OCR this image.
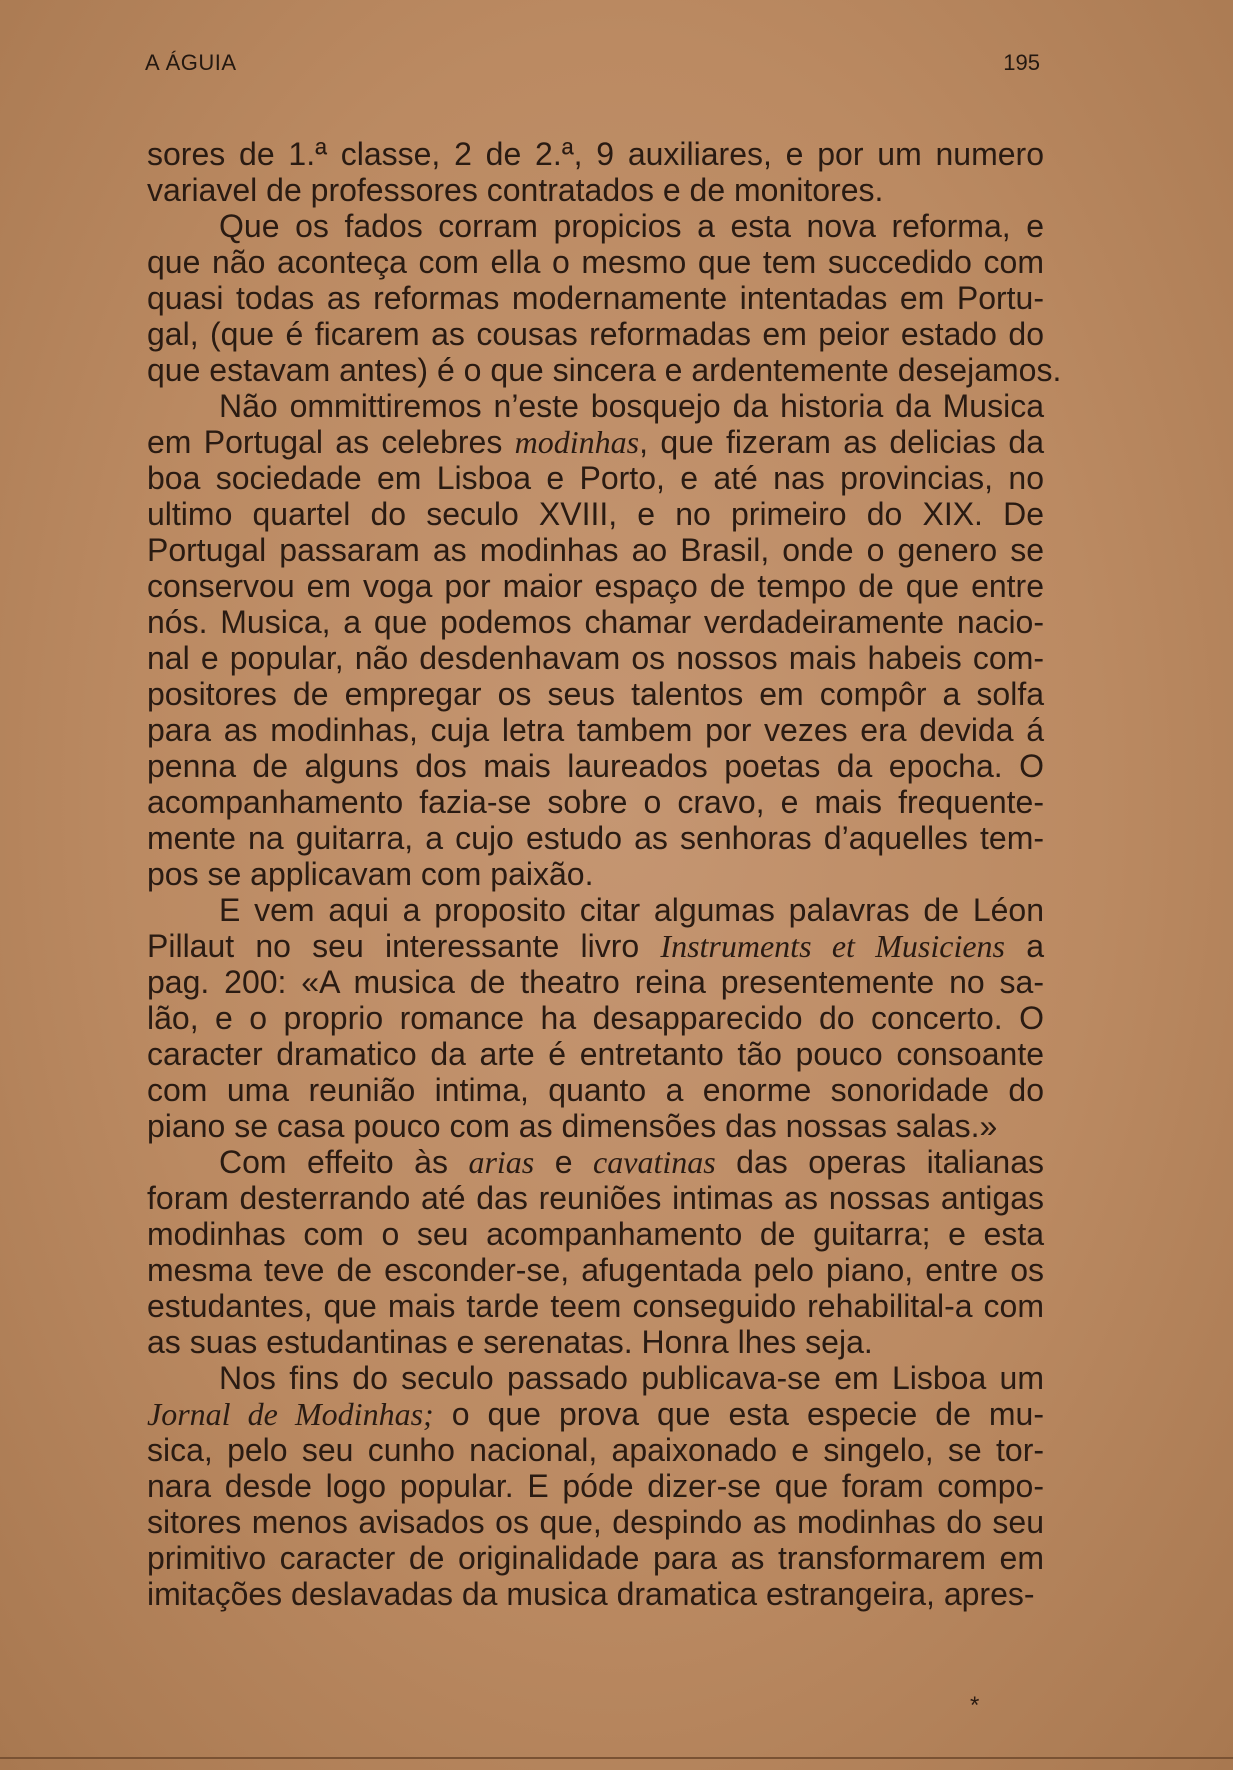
A ÁGUIA	195
sores de 1.ª classe, 2 de 2.ª, 9 auxiliares, e por um numero
variavel de professores contratados e de monitores.
Que os fados corram propicios a esta nova reforma, e
que não aconteça com ella o mesmo que tem succedido com
quasi todas as reformas modernamente intentadas em Portu-
gal, (que é ficarem as cousas reformadas em peior estado do
que estavam antes) é o que sincera e ardentemente desejamos.
Não ommittiremos n’este bosquejo da historia da Musica
em Portugal as celebres modinhas, que fizeram as delicias da
boa sociedade em Lisboa e Porto, e até nas provincias, no
ultimo quartel do seculo XVIII, e no primeiro do XIX. De
Portugal passaram as modinhas ao Brasil, onde o genero se
conservou em voga por maior espaço de tempo de que entre
nós. Musica, a que podemos chamar verdadeiramente nacio-
nal e popular, não desdenhavam os nossos mais habeis com-
positores de empregar os seus talentos em compôr a solfa
para as modinhas, cuja letra tambem por vezes era devida á
penna de alguns dos mais laureados poetas da epocha. O
acompanhamento fazia-se sobre o cravo, e mais frequente-
mente na guitarra, a cujo estudo as senhoras d’aquelles tem-
pos se applicavam com paixão.
E vem aqui a proposito citar algumas palavras de Léon
Pillaut no seu interessante livro Instruments et Musiciens a
pag. 200: «A musica de theatro reina presentemente no sa-
lão, e o proprio romance ha desapparecido do concerto. O
caracter dramatico da arte é entretanto tão pouco consoante
com uma reunião intima, quanto a enorme sonoridade do
piano se casa pouco com as dimensões das nossas salas.»
Com effeito às arias e cavatinas das operas italianas
foram desterrando até das reuniões intimas as nossas antigas
modinhas com o seu acompanhamento de guitarra; e esta
mesma teve de esconder-se, afugentada pelo piano, entre os
estudantes, que mais tarde teem conseguido rehabilital-a com
as suas estudantinas e serenatas. Honra lhes seja.
Nos fins do seculo passado publicava-se em Lisboa um
Jornal de Modinhas; o que prova que esta especie de mu-
sica, pelo seu cunho nacional, apaixonado e singelo, se tor-
nara desde logo popular. E póde dizer-se que foram compo-
sitores menos avisados os que, despindo as modinhas do seu
primitivo caracter de originalidade para as transformarem em
imitações deslavadas da musica dramatica estrangeira, apres-
*
